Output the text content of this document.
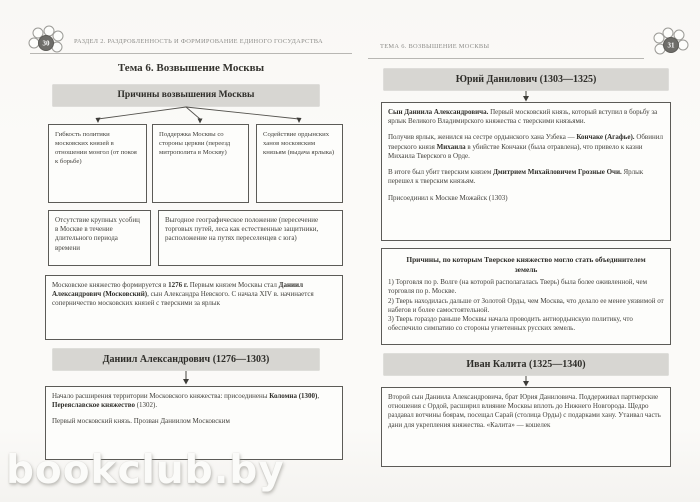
30	РАЗДЕЛ 2. РАЗДРОБЛЕННОСТЬ И ФОРМИРОВАНИЕ ЕДИНОГО ГОСУДАРСТВА
Тема 6. Возвышение Москвы
Причины возвышения Москвы

Гибкость политики московских князей в отношении монгол (от покоя к борьбе)

Поддержка Москвы со стороны церкви (переезд митрополита в Москву)

Содействие ордынских ханов московским князьям (выдача ярлыка)

Отсутствие крупных усобиц в Москве в течение длительного периода времени

Выгодное географическое положение (пересечение торговых путей, леса как естественные защитники, расположение на путях переселенцев с юга)

Московское княжество формируется в 1276 г. Первым князем Москвы стал Даниил Александрович (Московский), сын Александра Невского. С начала XIV в. начинается соперничество московских князей с тверскими за ярлык

Даниил Александрович (1276—1303)

Начало расширения территории Московского княжества: присоединены Коломна (1300), Переяславское княжество (1302).

Первый московский князь. Прозван Даниилом Московским

ТЕМА 6. ВОЗВЫШЕНИЕ МОСКВЫ	31
Юрий Данилович (1303—1325)

Сын Даниила Александровича. Первый московский князь, который вступил в борьбу за ярлык Великого Владимирского княжества с тверскими князьями.

Получив ярлык, женился на сестре ордынского хана Узбека — Кончаке (Агафье). Обвинил тверского князя Михаила в убийстве Кончаки (была отравлена), что привело к казни Михаила Тверского в Орде.

В итоге был убит тверским князем Дмитрием Михайловичем Грозные Очи. Ярлык перешел к тверским князьям.

Присоединил к Москве Можайск (1303)

Причины, по которым Тверское княжество могло стать объединителем земель

1) Торговля по р. Волге (на которой располагалась Тверь) была более оживленной, чем торговля по р. Москве.

2) Тверь находилась дальше от Золотой Орды, чем Москва, что делало ее менее уязвимой от набегов и более самостоятельной.

3) Тверь гораздо раньше Москвы начала проводить антиордынскую политику, что обеспечило симпатию со стороны угнетенных русских земель.

Иван Калита (1325—1340)

Второй сын Даниила Александровича, брат Юрия Даниловича. Поддерживал партнерские отношения с Ордой, расширил влияние Москвы вплоть до Нижнего Новгорода. Щедро раздавал вотчины боярам, посещал Сарай (столица Орды) с подарками хану. Утаивал часть дани для укрепления княжества. «Калита» — кошелек

bookclub.by
